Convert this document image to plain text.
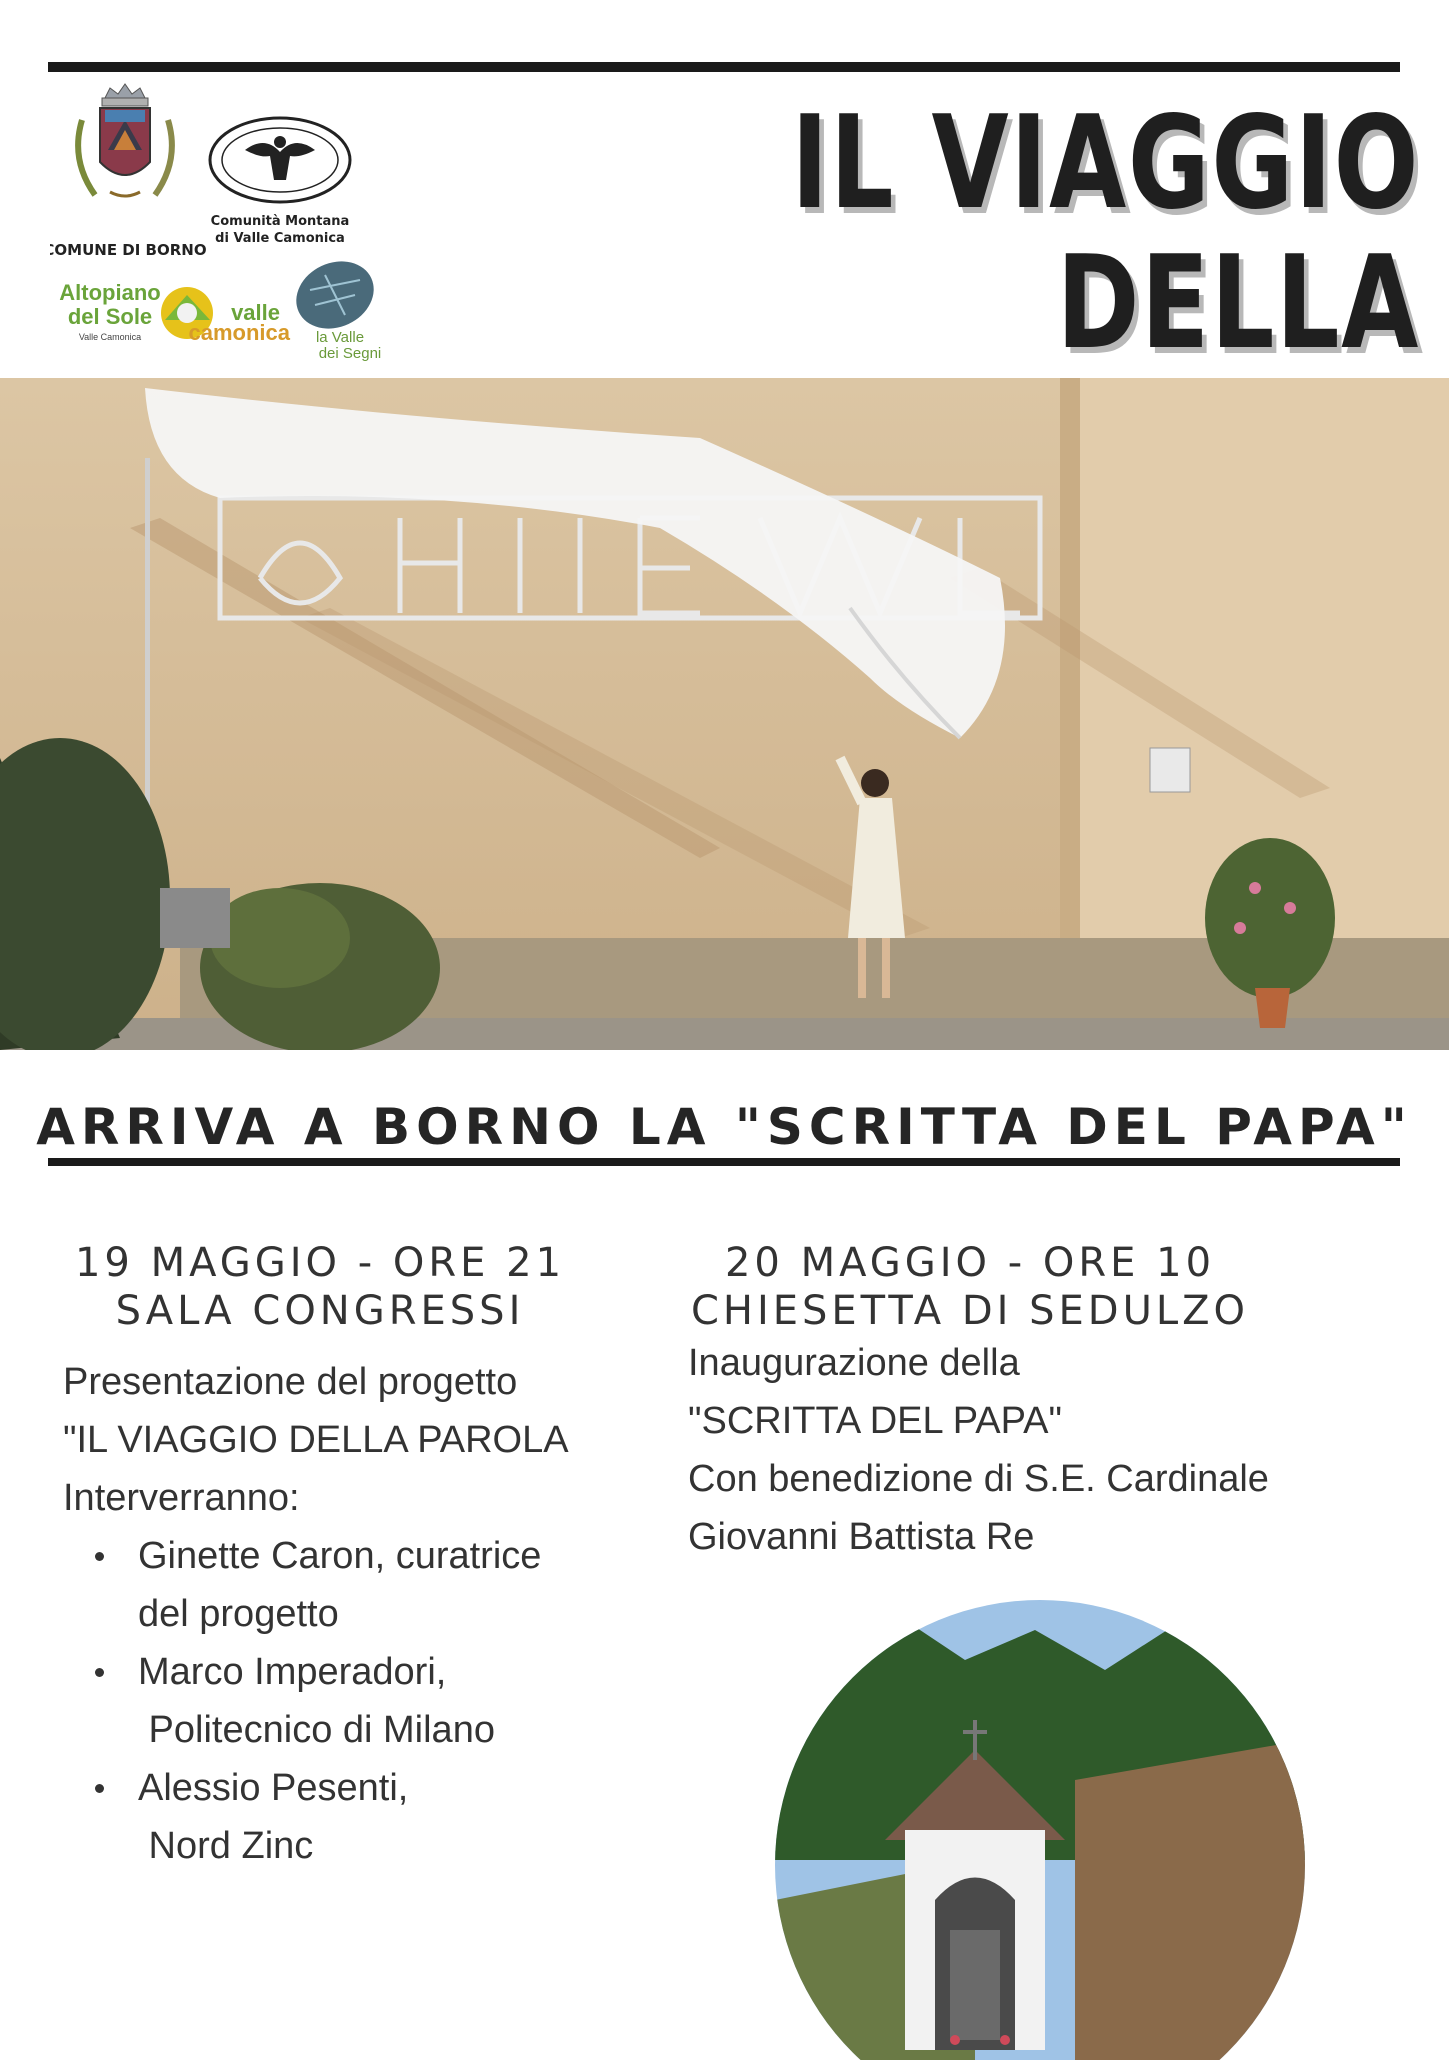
COMUNE DI BORNO
Comunità Montana
di Valle Camonica
Altopiano
del Sole
Valle Camonica
valle
camonica la Valle
dei Segni
IL VIAGGIO
DELLA
ARRIVA A BORNO LA "SCRITTA DEL PAPA"
19 MAGGIO - ORE 21
SALA CONGRESSI
Presentazione del progetto
"IL VIAGGIO DELLA PAROLA
Interverranno:
Ginette Caron, curatrice
del progetto
Marco Imperadori,
Politecnico di Milano
Alessio Pesenti,
Nord Zinc
20 MAGGIO - ORE 10
CHIESETTA DI SEDULZO
Inaugurazione della
"SCRITTA DEL PAPA"
Con benedizione di S.E. Cardinale
Giovanni Battista Re
